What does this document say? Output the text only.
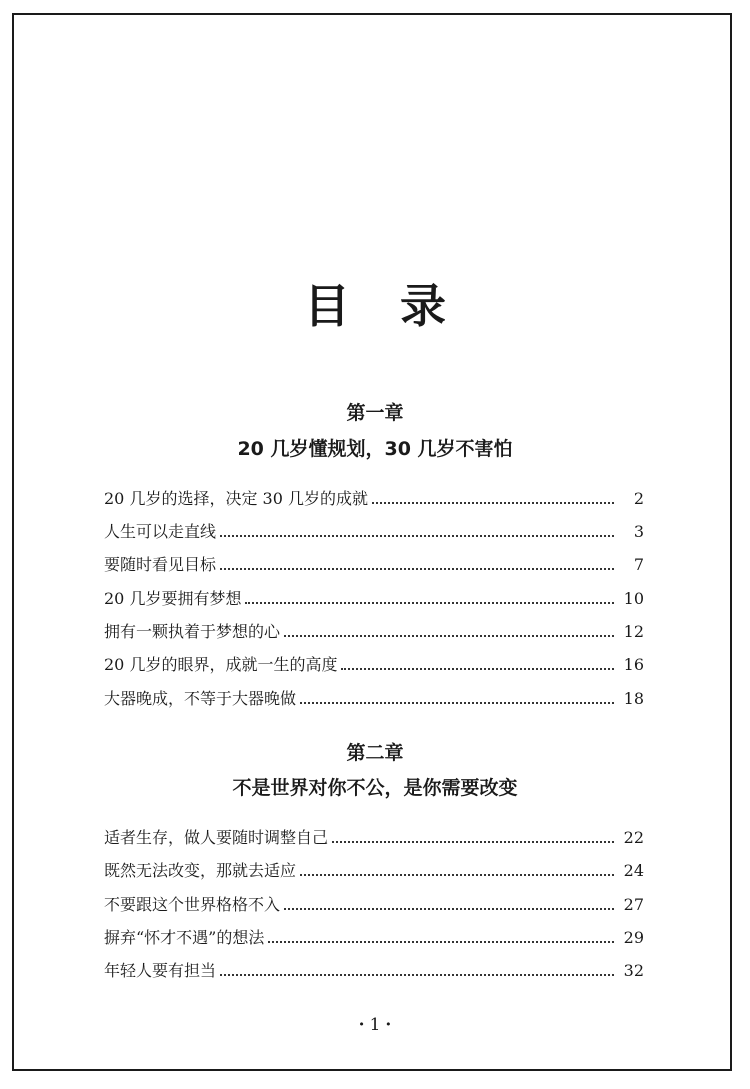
目录
第一章
20 几岁懂规划，30 几岁不害怕
20 几岁的选择，决定 30 几岁的成就	2
人生可以走直线	3
要随时看见目标	7
20 几岁要拥有梦想	10
拥有一颗执着于梦想的心	12
20 几岁的眼界，成就一生的高度	16
大器晚成，不等于大器晚做	18
第二章
不是世界对你不公，是你需要改变
适者生存，做人要随时调整自己	22
既然无法改变，那就去适应	24
不要跟这个世界格格不入	27
摒弃“怀才不遇”的想法	29
年轻人要有担当	32
· 1 ·
